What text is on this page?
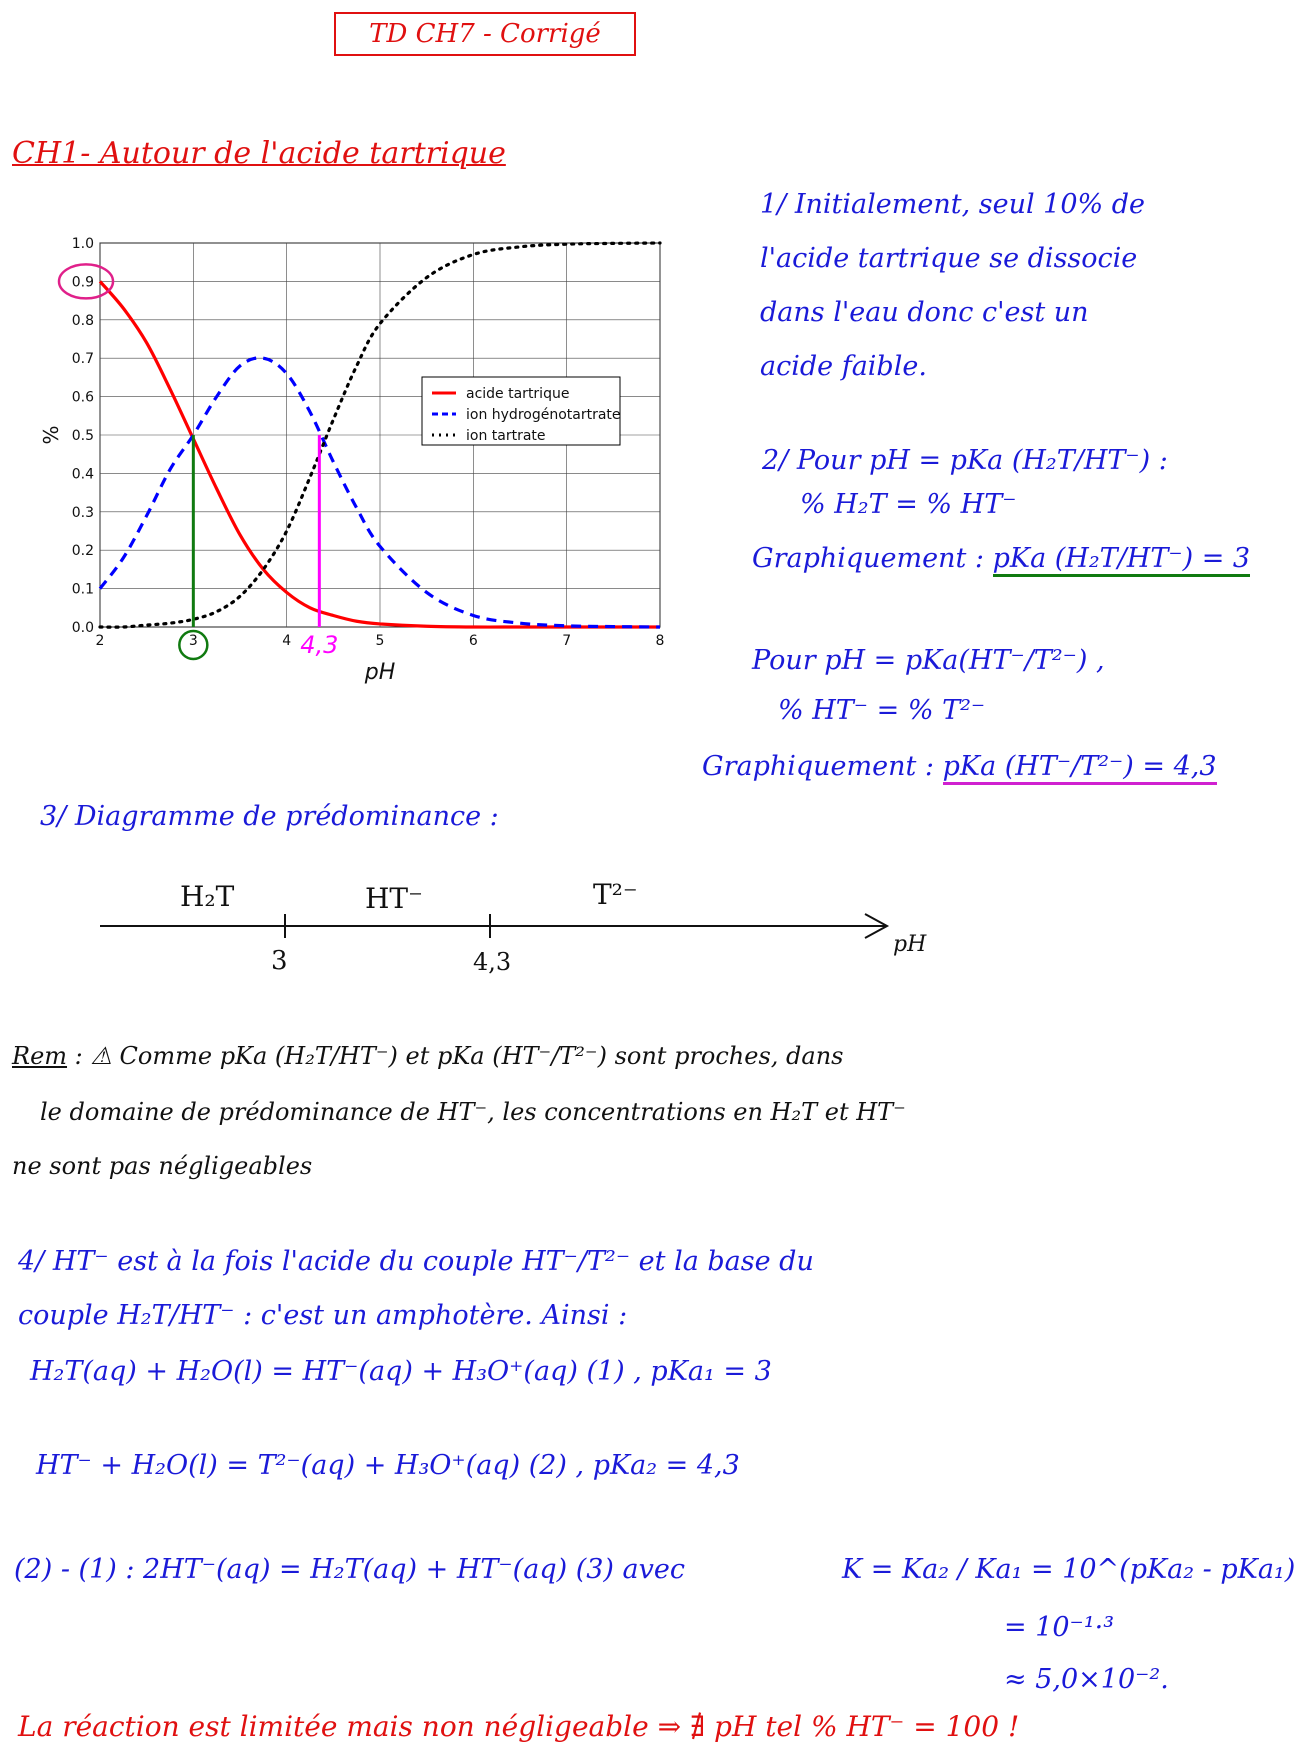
TD CH7 - Corrigé
CH1- Autour de l'acide tartrique
2	3	4	5	6	7	8
0.0
0.1
0.2
0.3
0.4
0.5
0.6
0.7
0.8
0.9
1.0
pH
%
4,3
acide tartrique
ion hydrogénotartrate
ion tartrate
1/ Initialement, seul 10% de
l'acide tartrique se dissocie
dans l'eau donc c'est un
acide faible.
2/ Pour pH = pKa (H₂T/HT⁻) :
% H₂T = % HT⁻
Graphiquement : pKa (H₂T/HT⁻) = 3
Pour pH = pKa(HT⁻/T²⁻) ,
% HT⁻ = % T²⁻
Graphiquement : pKa (HT⁻/T²⁻) = 4,3
3/ Diagramme de prédominance :
H₂T	HT⁻	T²⁻
3	4,3
pH
Rem : ⚠ Comme pKa (H₂T/HT⁻) et pKa (HT⁻/T²⁻) sont proches, dans
le domaine de prédominance de HT⁻, les concentrations en H₂T et HT⁻
ne sont pas négligeables
4/ HT⁻ est à la fois l'acide du couple HT⁻/T²⁻ et la base du
couple H₂T/HT⁻ : c'est un amphotère. Ainsi :
H₂T(aq) + H₂O(l) = HT⁻(aq) + H₃O⁺(aq) (1) , pKa₁ = 3
HT⁻ + H₂O(l) = T²⁻(aq) + H₃O⁺(aq) (2) , pKa₂ = 4,3
(2) - (1) : 2HT⁻(aq) = H₂T(aq) + HT⁻(aq) (3) avec	K = Ka₂ / Ka₁ = 10^(pKa₂ - pKa₁)
= 10⁻¹·³
≈ 5,0×10⁻².
La réaction est limitée mais non négligeable ⇒ ∄ pH tel % HT⁻ = 100 !
